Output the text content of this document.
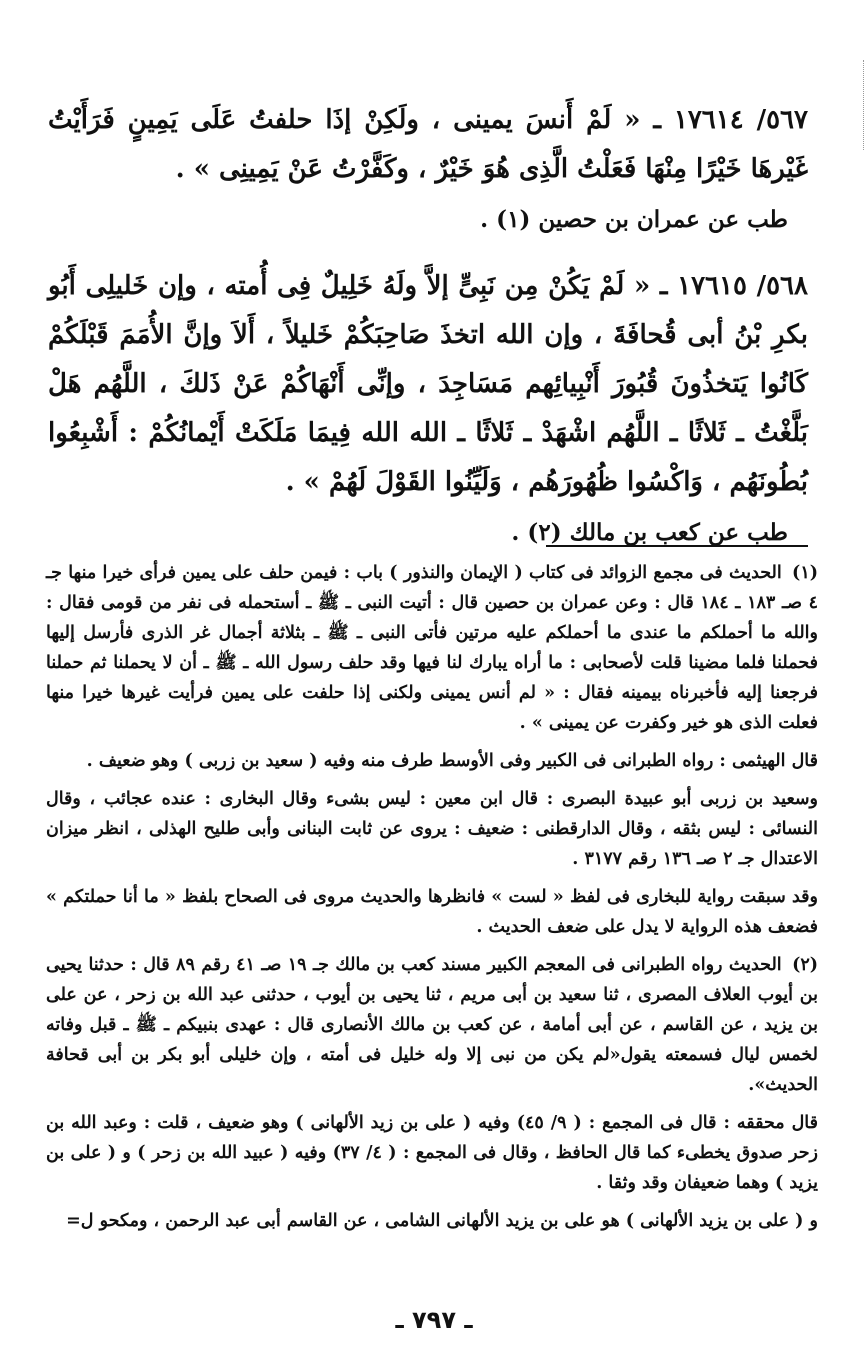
٥٦٧/ ١٧٦١٤ ـ « لَمْ أَنسَ يمينى ، ولَكِنْ إذَا حلفتُ عَلَى يَمِينٍ فَرَأَيْتُ غَيْرهَا خَيْرًا مِنْهَا فَعَلْتُ الَّذِى هُوَ خَيْرٌ ، وكَفَّرْتُ عَنْ يَمِينِى » .

طب عن عمران بن حصين (١) .

٥٦٨/ ١٧٦١٥ ـ « لَمْ يَكُنْ مِن نَبِىٍّ إلاَّ ولَهُ خَلِيلٌ فِى أُمته ، وإن خَليلِى أَبُو بكرِ بْنُ أبى قُحافَةَ ، وإن الله اتخذَ صَاحِبَكُمْ خَليلاً ، أَلاَ وإنَّ الأُمَمَ قَبْلَكُمْ كَانُوا يَتخذُونَ قُبُورَ أَنْبِيائِهم مَسَاجِدَ ، وإنِّى أَنْهَاكُمْ عَنْ ذَلكَ ، اللَّهُم هَلْ بَلَّغْتُ ـ ثَلاثًا ـ اللَّهُم اشْهَدْ ـ ثَلاثًا ـ الله الله فِيمَا مَلَكَتْ أَيْمانُكُمْ : أَشْبِعُوا بُطُونَهُم ، وَاكْسُوا ظُهُورَهُم ، وَلَيِّنُوا القَوْلَ لَهُمْ » .

طب عن كعب بن مالك (٢) .

(١) الحديث فى مجمع الزوائد فى كتاب ( الإيمان والنذور ) باب : فيمن حلف على يمين فرأى خيرا منها جـ ٤ صـ ١٨٣ ـ ١٨٤ قال : وعن عمران بن حصين قال : أتيت النبى ـ ﷺ ـ أستحمله فى نفر من قومى فقال : والله ما أحملكم ما عندى ما أحملكم عليه مرتين فأتى النبى ـ ﷺ ـ بثلاثة أجمال غر الذرى فأرسل إليها فحملنا فلما مضينا قلت لأصحابى : ما أراه يبارك لنا فيها وقد حلف رسول الله ـ ﷺ ـ أن لا يحملنا ثم حملنا فرجعنا إليه فأخبرناه بيمينه فقال : « لم أنس يمينى ولكنى إذا حلفت على يمين فرأيت غيرها خيرا منها فعلت الذى هو خير وكفرت عن يمينى » .

قال الهيثمى : رواه الطبرانى فى الكبير وفى الأوسط طرف منه وفيه ( سعيد بن زربى ) وهو ضعيف .

وسعيد بن زربى أبو عبيدة البصرى : قال ابن معين : ليس بشىء وقال البخارى : عنده عجائب ، وقال النسائى : ليس بثقه ، وقال الدارقطنى : ضعيف : يروى عن ثابت البنانى وأبى طليح الهذلى ، انظر ميزان الاعتدال جـ ٢ صـ ١٣٦ رقم ٣١٧٧ .

وقد سبقت رواية للبخارى فى لفظ « لست » فانظرها والحديث مروى فى الصحاح بلفظ « ما أنا حملتكم » فضعف هذه الرواية لا يدل على ضعف الحديث .

(٢) الحديث رواه الطبرانى فى المعجم الكبير مسند كعب بن مالك جـ ١٩ صـ ٤١ رقم ٨٩ قال : حدثنا يحيى بن أيوب العلاف المصرى ، ثنا سعيد بن أبى مريم ، ثنا يحيى بن أيوب ، حدثنى عبد الله بن زحر ، عن على بن يزيد ، عن القاسم ، عن أبى أمامة ، عن كعب بن مالك الأنصارى قال : عهدى بنبيكم ـ ﷺ ـ قبل وفاته لخمس ليال فسمعته يقول«لم يكن من نبى إلا وله خليل فى أمته ، وإن خليلى أبو بكر بن أبى قحافة الحديث».

قال محققه : قال فى المجمع : ( ٩/ ٤٥) وفيه ( على بن زيد الألهانى ) وهو ضعيف ، قلت : وعبد الله بن زحر صدوق يخطىء كما قال الحافظ ، وقال فى المجمع : ( ٤/ ٣٧) وفيه ( عبيد الله بن زحر ) و ( على بن يزيد ) وهما ضعيفان وقد وثقا .

و ( على بن يزيد الألهانى ) هو على بن يزيد الألهانى الشامى ، عن القاسم أبى عبد الرحمن ، ومكحو ل=

ـ ٧٩٧ ـ
